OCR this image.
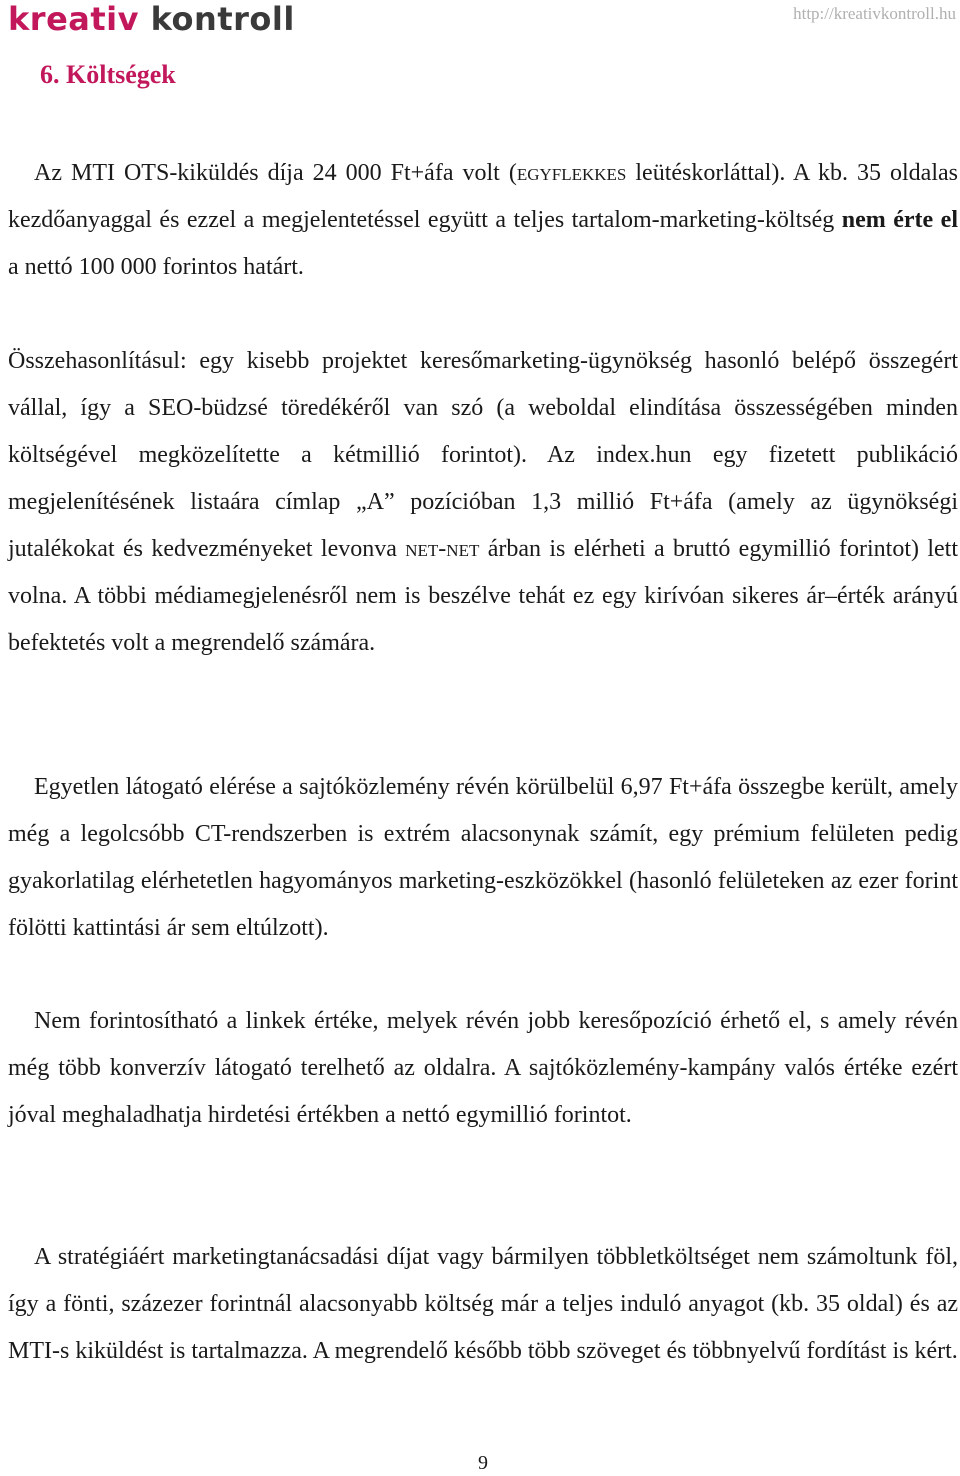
kreativ kontroll	http://kreativkontroll.hu
6. Költségek

Az MTI OTS-kiküldés díja 24 000 Ft+áfa volt (egyflekkes leütéskorláttal). A kb. 35 oldalas kezdőanyaggal és ezzel a megjelentetéssel együtt a teljes tartalom-marketing-költség nem érte el a nettó 100 000 forintos határt.

Összehasonlításul: egy kisebb projektet keresőmarketing-ügynökség hasonló belépő összegért vállal, így a SEO-büdzsé töredékéről van szó (a weboldal elindítása összességében minden költségével megközelítette a kétmillió forintot). Az index.hun egy fizetett publikáció megjelenítésének listaára címlap „A” pozícióban 1,3 millió Ft+áfa (amely az ügynökségi jutalékokat és kedvezményeket levonva net-net árban is elérheti a bruttó egymillió forintot) lett volna. A többi médiamegjelenésről nem is beszélve tehát ez egy kirívóan sikeres ár–érték arányú befektetés volt a megrendelő számára.

Egyetlen látogató elérése a sajtóközlemény révén körülbelül 6,97 Ft+áfa összegbe került, amely még a legolcsóbb CT-rendszerben is extrém alacsonynak számít, egy prémium felületen pedig gyakorlatilag elérhetetlen hagyományos marketing-eszközökkel (hasonló felületeken az ezer forint fölötti kattintási ár sem eltúlzott).

Nem forintosítható a linkek értéke, melyek révén jobb keresőpozíció érhető el, s amely révén még több konverzív látogató terelhető az oldalra. A sajtóközlemény-kampány valós értéke ezért jóval meghaladhatja hirdetési értékben a nettó egymillió forintot.

A stratégiáért marketingtanácsadási díjat vagy bármilyen többletköltséget nem számoltunk föl, így a fönti, százezer forintnál alacsonyabb költség már a teljes induló anyagot (kb. 35 oldal) és az MTI-s kiküldést is tartalmazza. A megrendelő később több szöveget és többnyelvű fordítást is kért.

9
